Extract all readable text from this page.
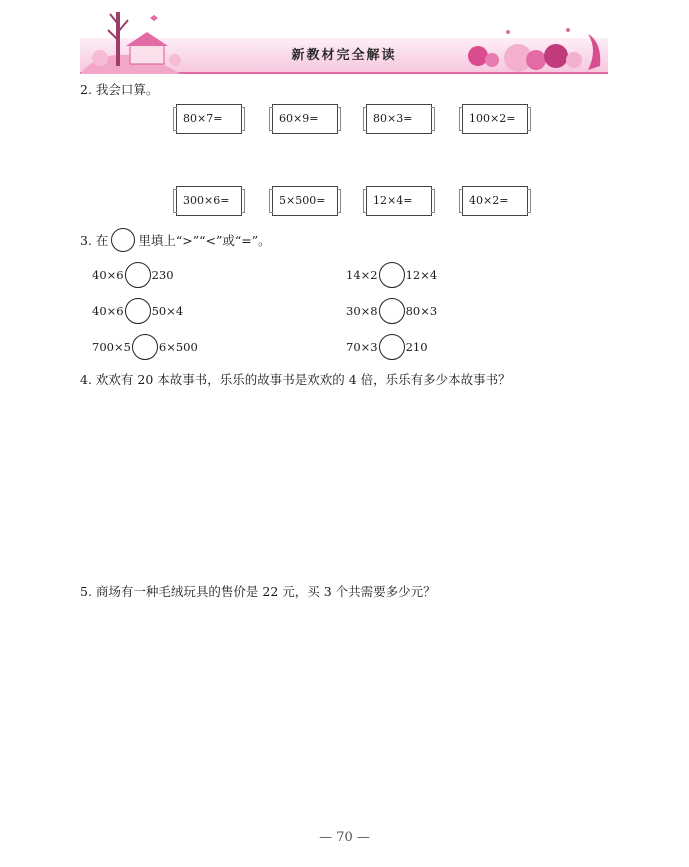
新教材完全解读
2. 我会口算。
80×7=	60×9=	80×3=	100×2=
300×6=	5×500=	12×4=	40×2=
3. 在 里填上“>”“<”或“=”。
40×6 230	14×2 12×4
40×6 50×4	30×8 80×3
700×5 6×500	70×3 210
4. 欢欢有 20 本故事书，乐乐的故事书是欢欢的 4 倍，乐乐有多少本故事书？
5. 商场有一种毛绒玩具的售价是 22 元，买 3 个共需要多少元？
— 70 —
